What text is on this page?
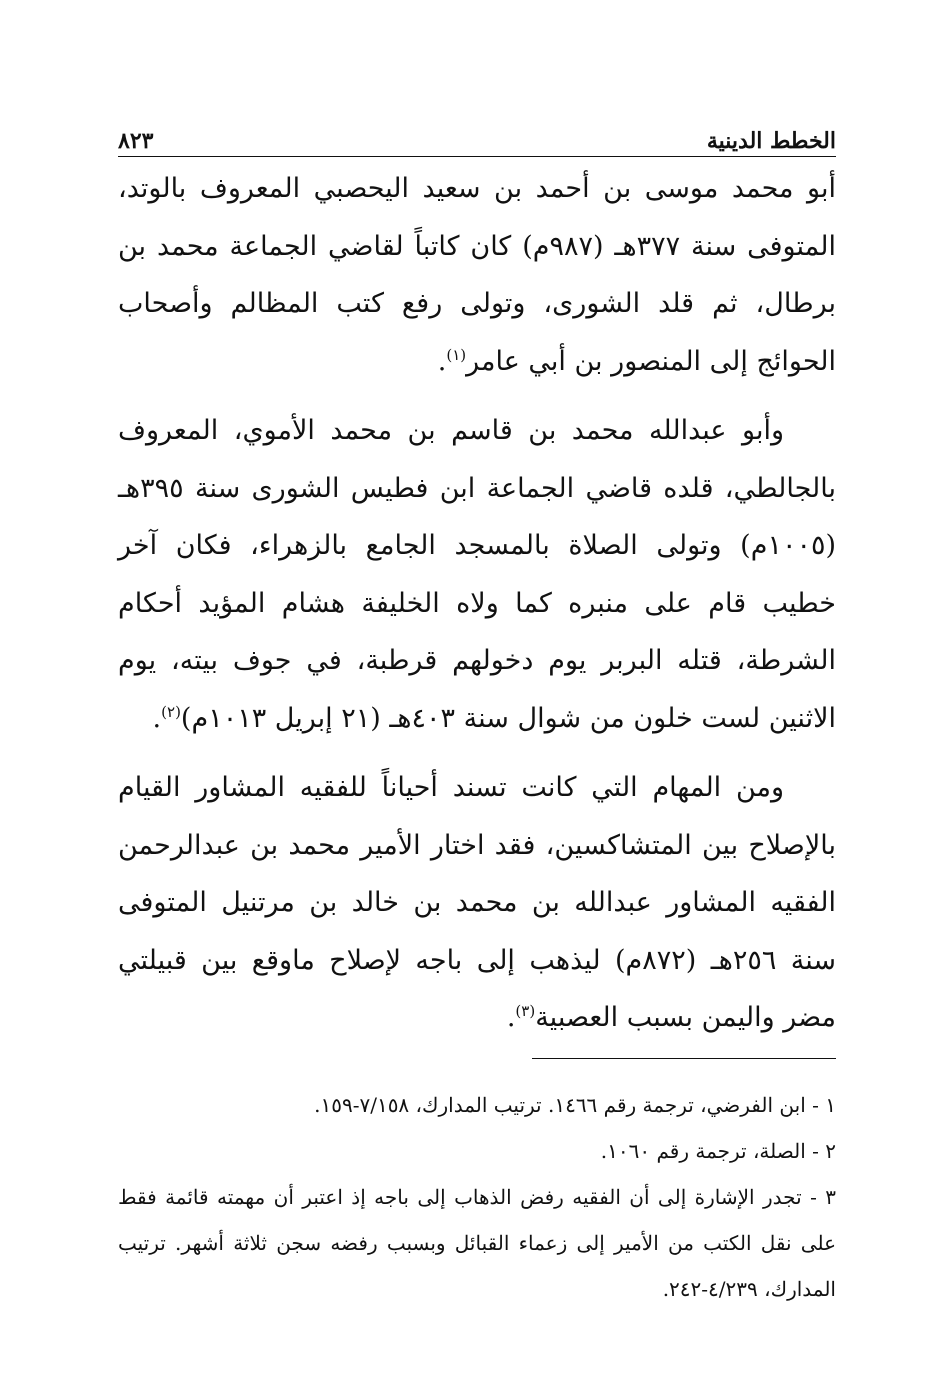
٨٢٣	الخطط الدينية

أبو محمد موسى بن أحمد بن سعيد اليحصبي المعروف بالوتد، المتوفى سنة ٣٧٧هـ (٩٨٧م) كان كاتباً لقاضي الجماعة محمد بن برطال، ثم قلد الشورى، وتولى رفع كتب المظالم وأصحاب الحوائج إلى المنصور بن أبي عامر$^{(١)}$.

وأبو عبدالله محمد بن قاسم بن محمد الأموي، المعروف بالجالطي، قلده قاضي الجماعة ابن فطيس الشورى سنة ٣٩٥هـ (١٠٠٥م) وتولى الصلاة بالمسجد الجامع بالزهراء، فكان آخر خطيب قام على منبره كما ولاه الخليفة هشام المؤيد أحكام الشرطة، قتله البربر يوم دخولهم قرطبة، في جوف بيته، يوم الاثنين لست خلون من شوال سنة ٤٠٣هـ (٢١ إبريل ١٠١٣م)$^{(٢)}$.

ومن المهام التي كانت تسند أحياناً للفقيه المشاور القيام بالإصلاح بين المتشاكسين، فقد اختار الأمير محمد بن عبدالرحمن الفقيه المشاور عبدالله بن محمد بن خالد بن مرتنيل المتوفى سنة ٢٥٦هـ (٨٧٢م) ليذهب إلى باجه لإصلاح ماوقع بين قبيلتي مضر واليمن بسبب العصبية$^{(٣)}$.

١ - ابن الفرضي، ترجمة رقم ١٤٦٦. ترتيب المدارك، ٧/١٥٨-١٥٩.

٢ - الصلة، ترجمة رقم ١٠٦٠.

٣ - تجدر الإشارة إلى أن الفقيه رفض الذهاب إلى باجه إذ اعتبر أن مهمته قائمة فقط على نقل الكتب من الأمير إلى زعماء القبائل وبسبب رفضه سجن ثلاثة أشهر. ترتيب المدارك، ٤/٢٣٩-٢٤٢.
